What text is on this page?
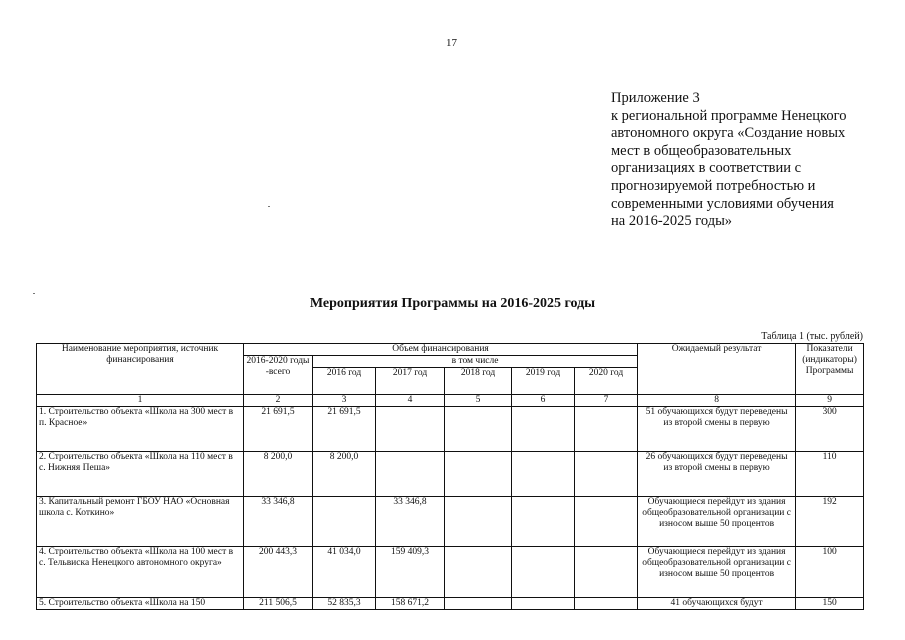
17
Приложение 3
к региональной программе Ненецкого
автономного округа «Создание новых
мест в общеобразовательных
организациях в соответствии с
прогнозируемой потребностью и
современными условиями обучения
на 2016-2025 годы»
Мероприятия Программы на 2016-2025 годы
Таблица 1 (тыс. рублей)
Наименование мероприятия, источник финансирования	Объем финансирования						Ожидаемый результат	Показатели (индикаторы) Программы
	2016-2020 годы -всего	в том числе						
		2016 год	2017 год	2018 год	2019 год	2020 год		
1	2	3	4	5	6	7	8	9
1. Строительство объекта «Школа на 300 мест в п. Красное»	21 691,5	21 691,5					51 обучающихся будут переведены из второй смены в первую	300
2. Строительство объекта «Школа на 110 мест в с. Нижняя Пеша»	8 200,0	8 200,0					26 обучающихся будут переведены из второй смены в первую	110
3. Капитальный ремонт ГБОУ НАО «Основная школа с. Коткино»	33 346,8		33 346,8				Обучающиеся перейдут из здания общеобразовательной организации с износом выше 50 процентов	192
4. Строительство объекта «Школа на 100 мест в с. Тельвиска Ненецкого автономного округа»	200 443,3	41 034,0	159 409,3				Обучающиеся перейдут из здания общеобразовательной организации с износом выше 50 процентов	100
5. Строительство объекта «Школа на 150	211 506,5	52 835,3	158 671,2				41 обучающихся будут	150
